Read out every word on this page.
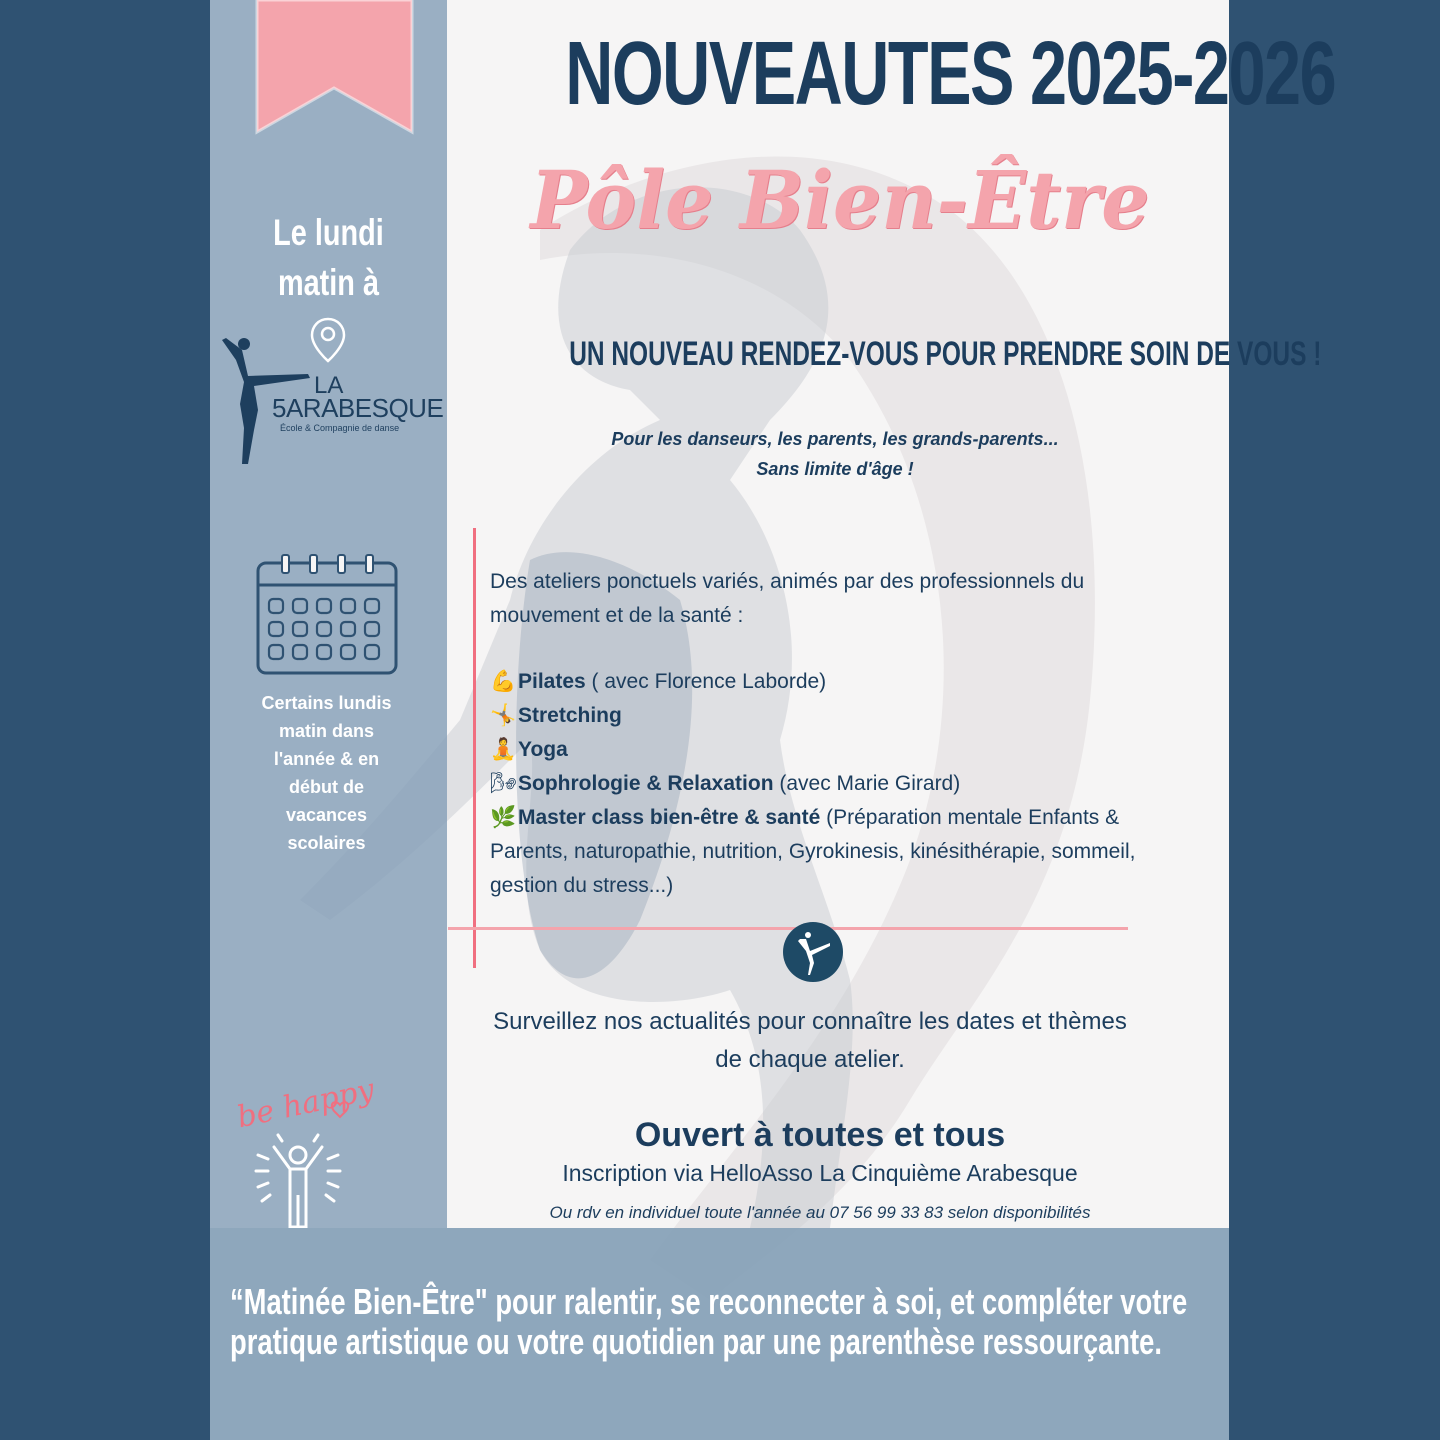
Le lundi
matin à
LA
5ARABESQUE
École & Compagnie de danse
Certains lundis
matin dans
l'année & en
début de
vacances
scolaires
be happy
NOUVEAUTES 2025-2026
Pôle Bien-Être
UN NOUVEAU RENDEZ-VOUS POUR PRENDRE SOIN DE VOUS !
Pour les danseurs, les parents, les grands-parents...
Sans limite d'âge !
Des ateliers ponctuels variés, animés par des professionnels du
mouvement et de la santé :
💪Pilates ( avec Florence Laborde)
🤸Stretching
🧘Yoga
🌬Sophrologie & Relaxation (avec Marie Girard)
🌿Master class bien-être & santé (Préparation mentale Enfants &
Parents, naturopathie, nutrition, Gyrokinesis, kinésithérapie, sommeil,
gestion du stress...)
Surveillez nos actualités pour connaître les dates et thèmes
de chaque atelier.
Ouvert à toutes et tous
Inscription via HelloAsso La Cinquième Arabesque
Ou rdv en individuel toute l'année au 07 56 99 33 83 selon disponibilités
“Matinée Bien-Être" pour ralentir, se reconnecter à soi, et compléter votre
pratique artistique ou votre quotidien par une parenthèse ressourçante.
